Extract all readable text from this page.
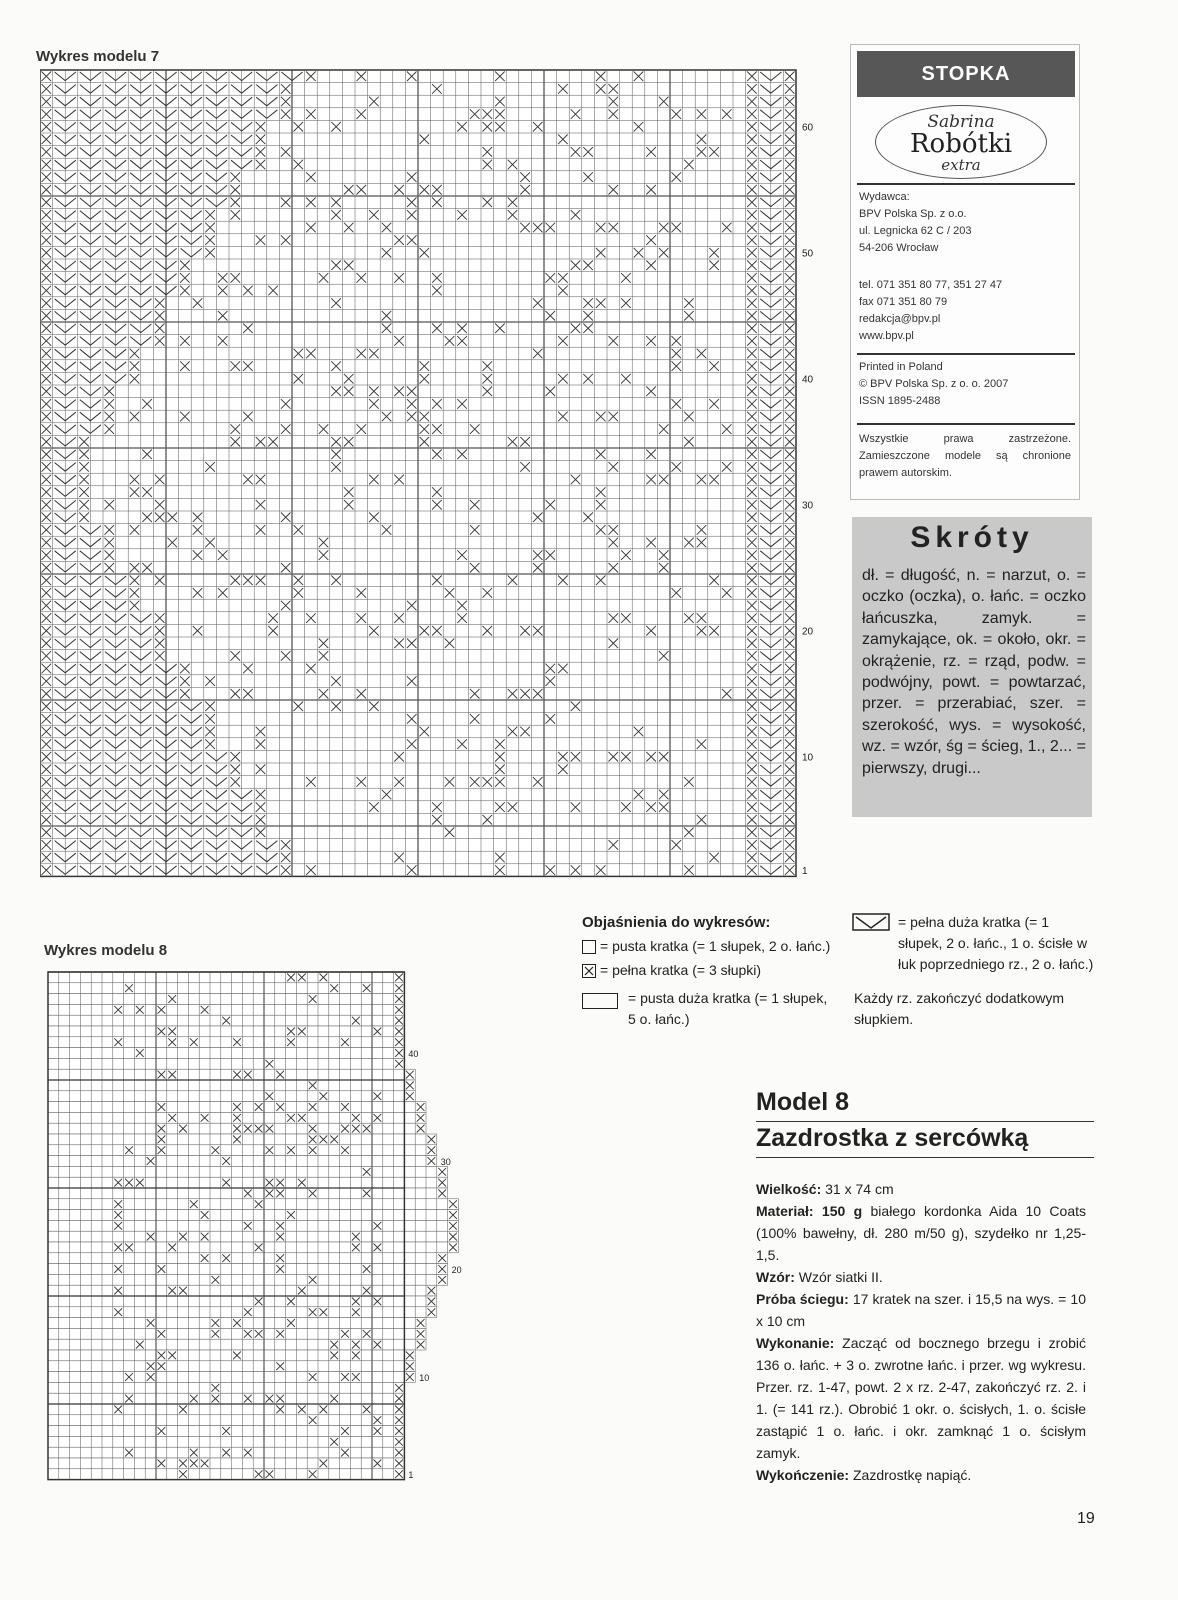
Wykres modelu 7
60
50
40
30
20
10
1
Wykres modelu 8
40
30
20
10
1
STOPKA
Sabrina
Robótki
extra
Wydawca:
BPV Polska Sp. z o.o.
ul. Legnicka 62 C / 203
54-206 Wrocław
tel. 071 351 80 77, 351 27 47
fax 071 351 80 79
redakcja@bpv.pl
www.bpv.pl
Printed in Poland
© BPV Polska Sp. z o. o. 2007
ISSN 1895-2488
Wszystkie prawa zastrzeżone. Zamieszczone modele są chronione prawem autorskim.
Skróty
dł. = długość, n. = narzut, o. = oczko (oczka), o. łańc. = oczko łańcuszka, zamyk. = zamykające, ok. = około, okr. = okrążenie, rz. = rząd, podw. = podwójny, powt. = powtarzać, przer. = przerabiać, szer. = szerokość, wys. = wysokość, wz. = wzór, śg = ścieg, 1., 2... = pierwszy, drugi...
Objaśnienia do wykresów:
= pusta kratka (= 1 słupek, 2 o. łańc.)
= pełna kratka (= 3 słupki)
= pusta duża kratka (= 1 słupek, 5 o. łańc.)
= pełna duża kratka (= 1 słupek, 2 o. łańc., 1 o. ścisłe w łuk poprzedniego rz., 2 o. łańc.)
Każdy rz. zakończyć dodatkowym słupkiem.
Model 8
Zazdrostka z sercówką
Wielkość: 31 x 74 cm
Materiał: 150 g białego kordonka Aida 10 Coats (100% bawełny, dł. 280 m/50 g), szydełko nr 1,25-1,5.
Wzór: Wzór siatki II.
Próba ściegu: 17 kratek na szer. i 15,5 na wys. = 10 x 10 cm
Wykonanie: Zacząć od bocznego brzegu i zrobić 136 o. łańc. + 3 o. zwrotne łańc. i przer. wg wykresu. Przer. rz. 1-47, powt. 2 x rz. 2-47, zakończyć rz. 2. i 1. (= 141 rz.). Obrobić 1 okr. o. ścisłych, 1. o. ścisłe zastąpić 1 o. łańc. i okr. zamknąć 1 o. ścisłym zamyk.
Wykończenie: Zazdrostkę napiąć.
19
